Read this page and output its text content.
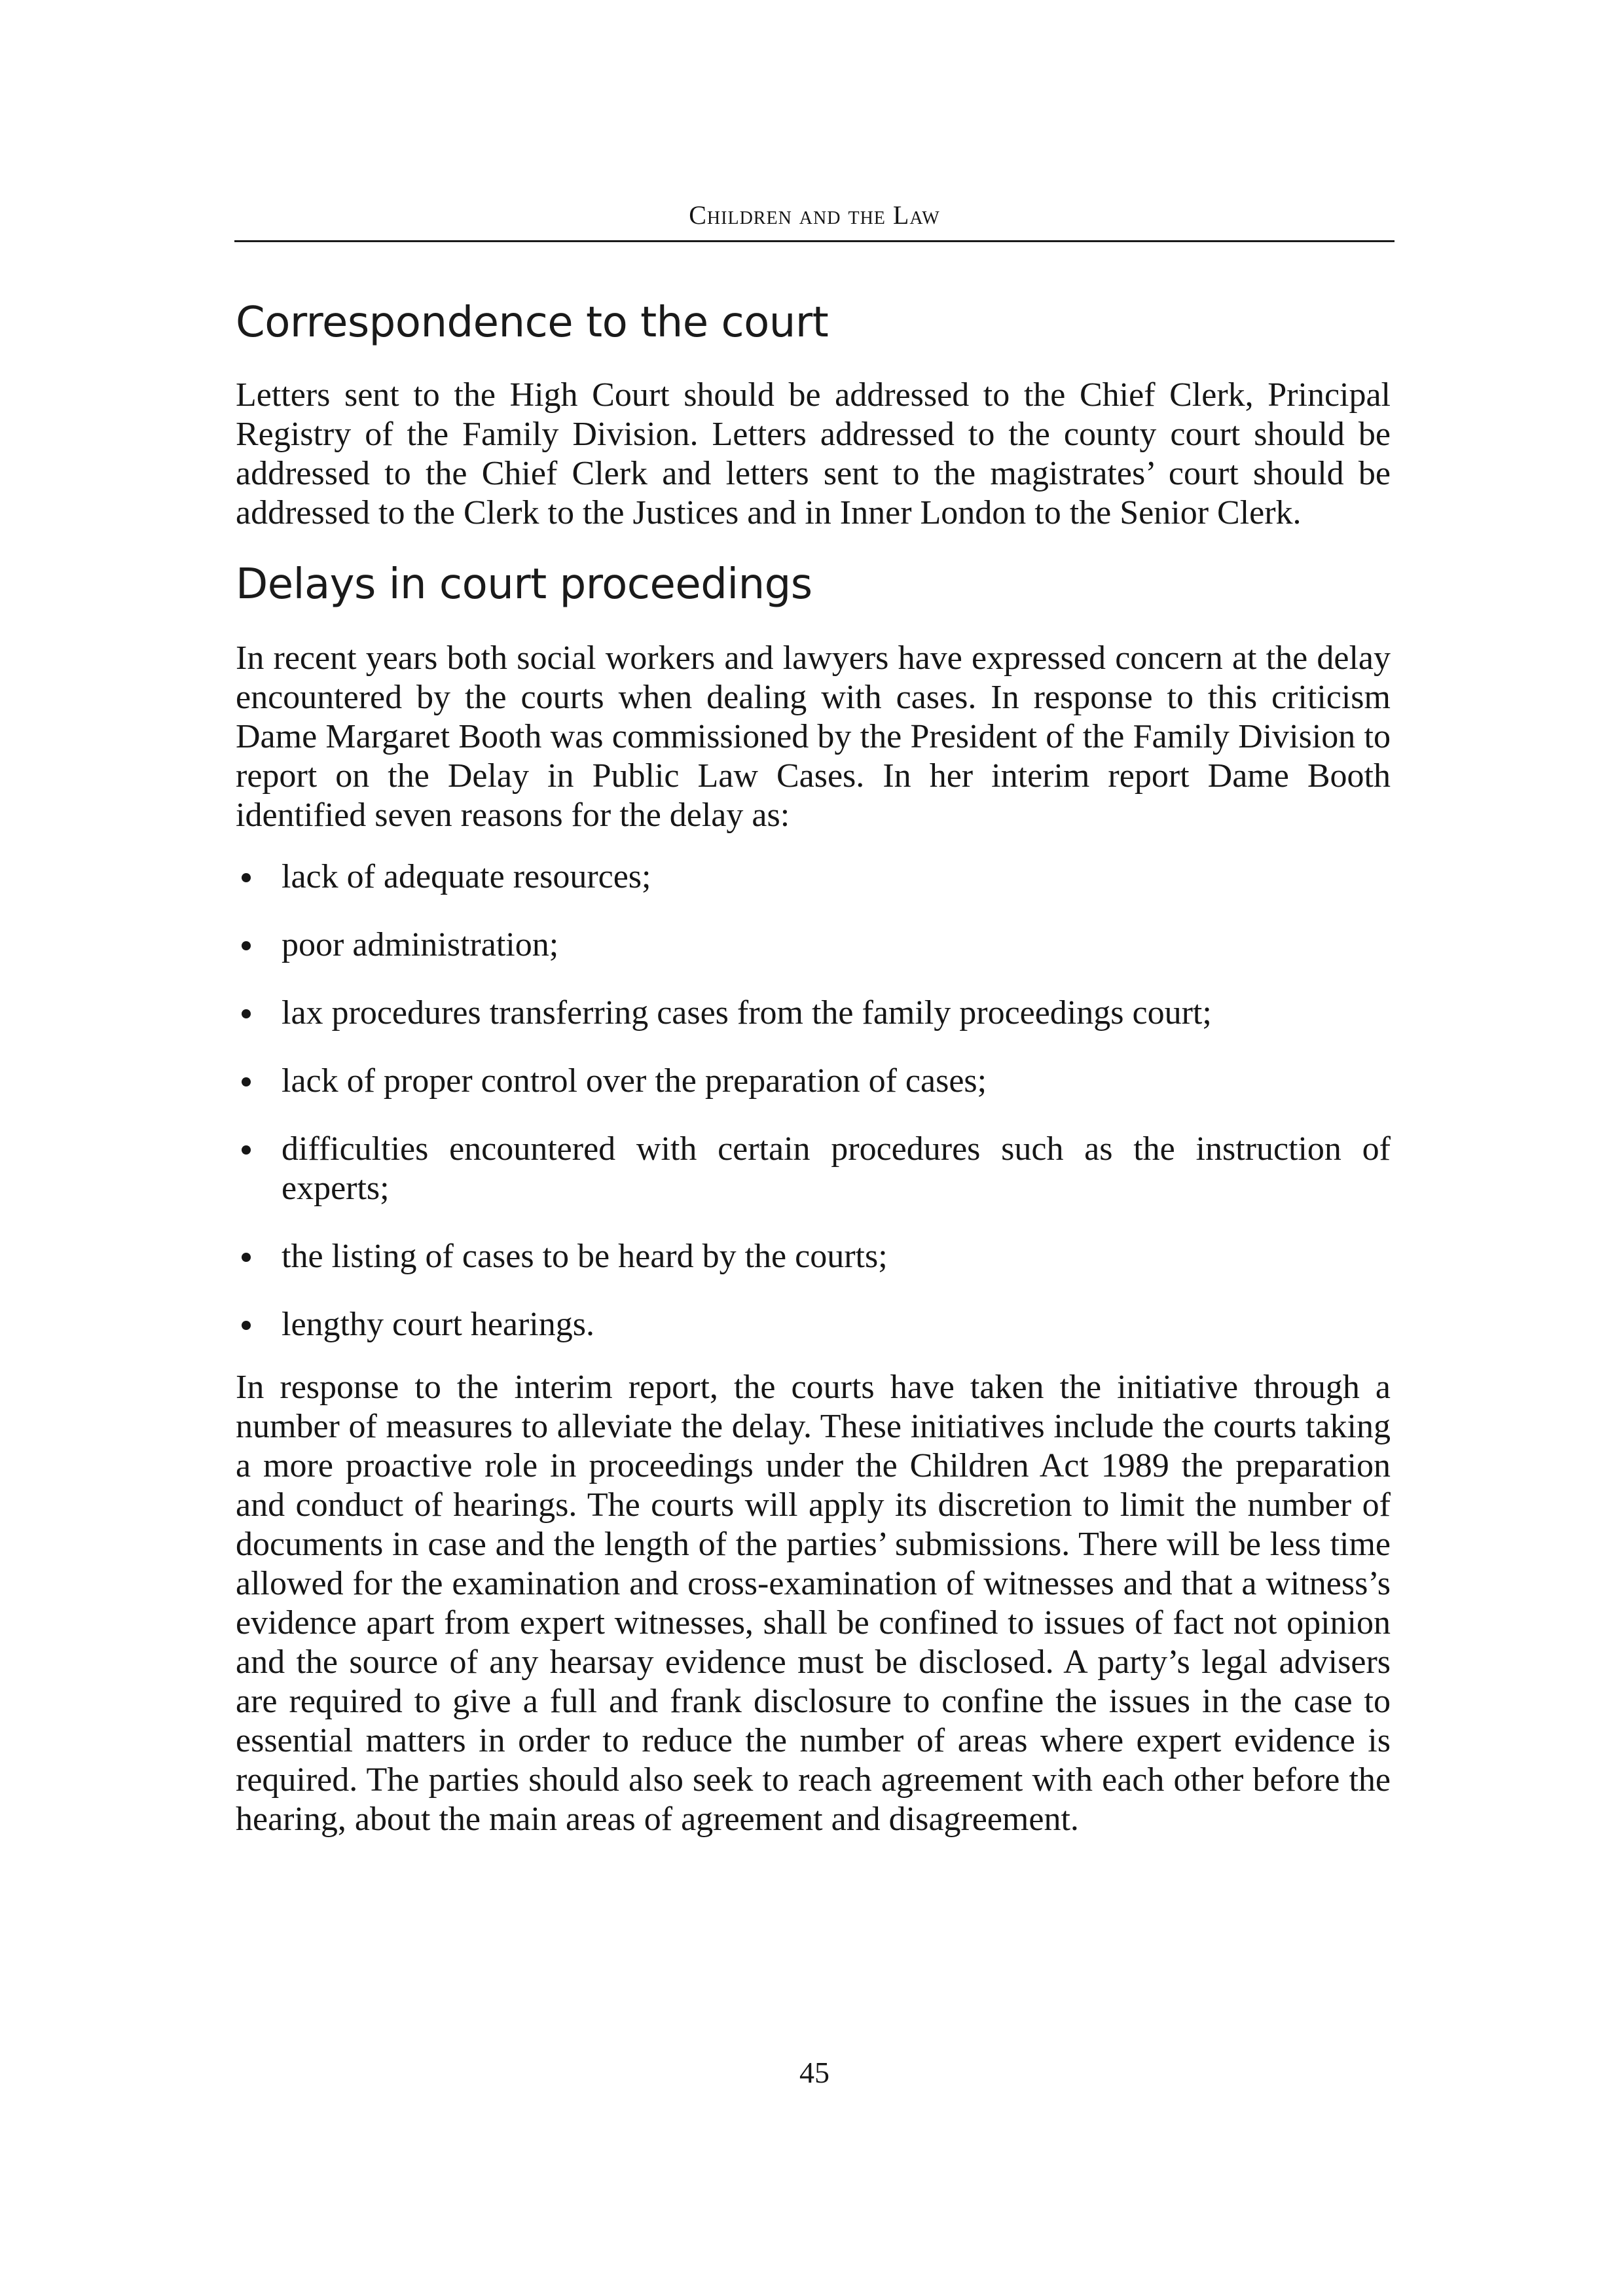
Children and the Law
Correspondence to the court

Letters sent to the High Court should be addressed to the Chief Clerk, Principal Registry of the Family Division. Letters addressed to the county court should be addressed to the Chief Clerk and letters sent to the magistrates’ court should be addressed to the Clerk to the Justices and in Inner London to the Senior Clerk.

Delays in court proceedings

In recent years both social workers and lawyers have expressed concern at the delay encountered by the courts when dealing with cases. In response to this criticism Dame Margaret Booth was commissioned by the President of the Family Division to report on the Delay in Public Law Cases. In her interim report Dame Booth identified seven reasons for the delay as:

lack of adequate resources;
poor administration;
lax procedures transferring cases from the family proceedings court;
lack of proper control over the preparation of cases;
difficulties encountered with certain procedures such as the instruction of experts;
the listing of cases to be heard by the courts;
lengthy court hearings.

In response to the interim report, the courts have taken the initiative through a number of measures to alleviate the delay. These initiatives include the courts taking a more proactive role in proceedings under the Children Act 1989 the preparation and conduct of hearings. The courts will apply its discretion to limit the number of documents in case and the length of the parties’ submissions. There will be less time allowed for the examination and cross-examination of witnesses and that a witness’s evidence apart from expert witnesses, shall be confined to issues of fact not opinion and the source of any hearsay evidence must be disclosed. A party’s legal advisers are required to give a full and frank disclosure to confine the issues in the case to essential matters in order to reduce the number of areas where expert evidence is required. The parties should also seek to reach agreement with each other before the hearing, about the main areas of agreement and disagreement.

45
